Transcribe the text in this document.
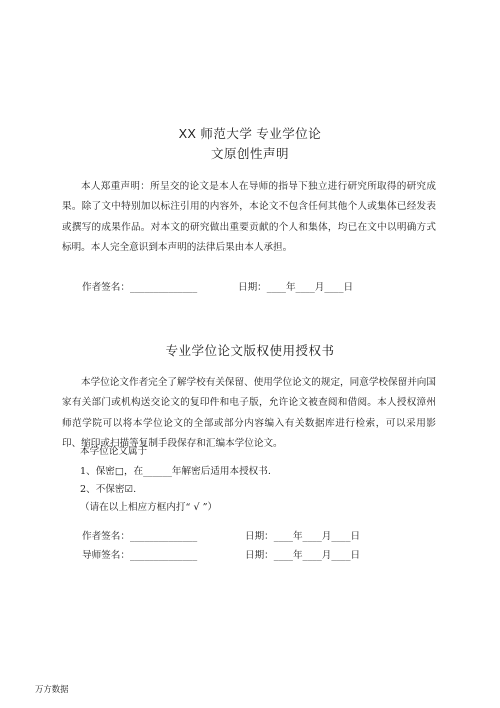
XX 师范大学 专业学位论
文原创性声明

本人郑重声明：所呈交的论文是本人在导师的指导下独立进行研究所取得的研究成果。除了文中特别加以标注引用的内容外，本论文不包含任何其他个人或集体已经发表或撰写的成果作品。对本文的研究做出重要贡献的个人和集体，均已在文中以明确方式标明。本人完全意识到本声明的法律后果由本人承担。

作者签名：______________	日期：____年____月____日
专业学位论文版权使用授权书

本学位论文作者完全了解学校有关保留、使用学位论文的规定，同意学校保留并向国家有关部门或机构送交论文的复印件和电子版，允许论文被查阅和借阅。本人授权漳州师范学院可以将本学位论文的全部或部分内容编入有关数据库进行检索，可以采用影印、缩印或扫描等复制手段保存和汇编本学位论文。

本学位论文属于
1、保密□，在______年解密后适用本授权书.
2、不保密☑.
（请在以上相应方框内打“ √ ”）
作者签名：______________	日期：____年____月____日
导师签名：______________	日期：____年____月____日
万方数据
